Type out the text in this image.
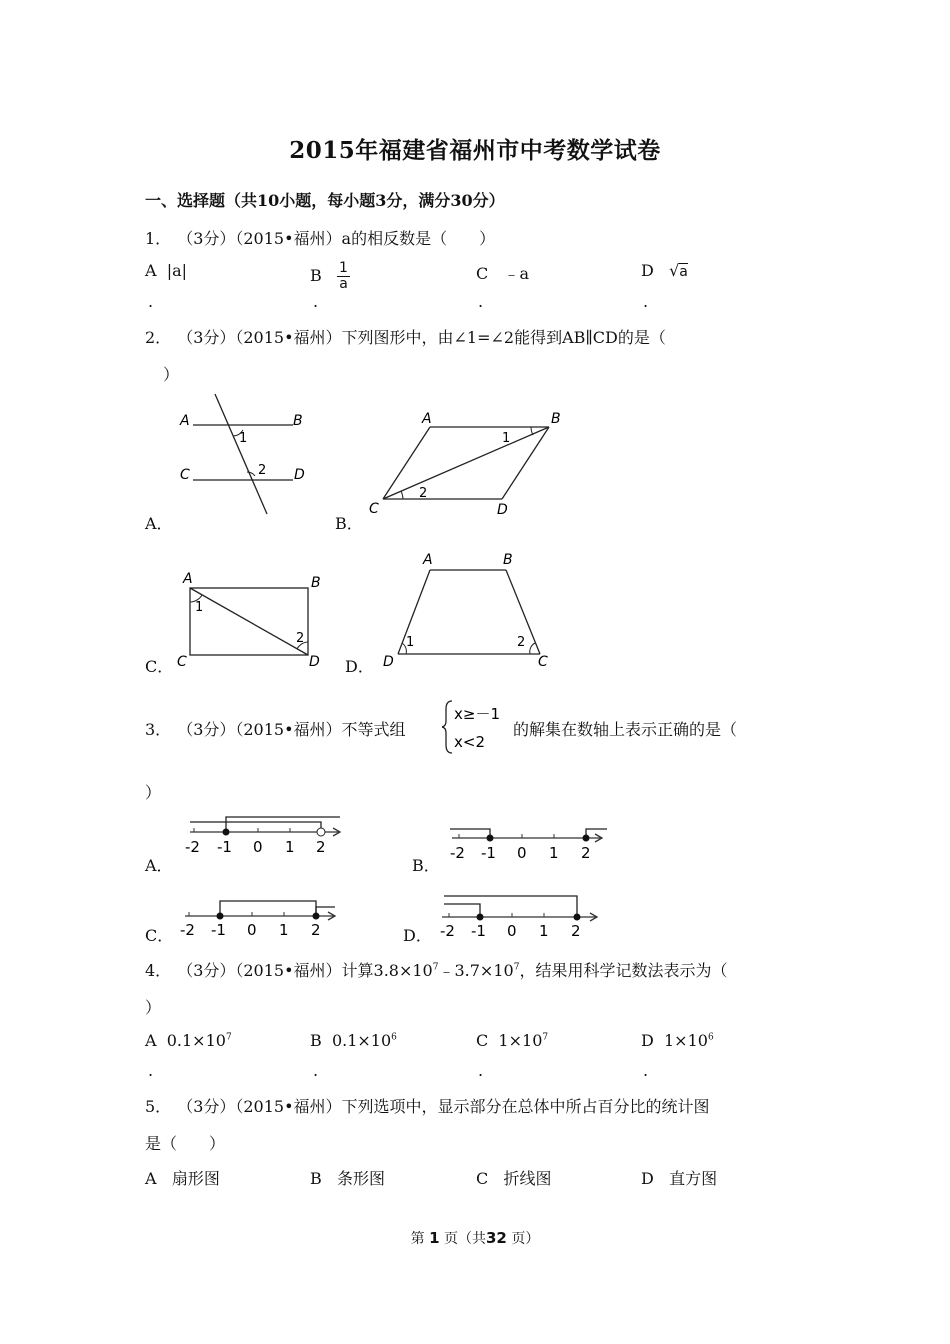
2015年福建省福州市中考数学试卷
一、选择题（共10小题，每小题3分，满分30分）
1． （3分）（2015•福州）a的相反数是（　　）
A |a|	B $\frac{1}{a}$	C ﹣a	D √a
.	.	.	.
2． （3分）（2015•福州）下列图形中，由∠1=∠2能得到AB∥CD的是（
）
A	B
C	D
1
2
A．
A	B
C	D
1
2
B．
A	B
C	D
1
2
C．
A	B
D	C
1	2
D．
3． （3分）（2015•福州）不等式组
x≥－1
x<2
的解集在数轴上表示正确的是（
）
-2 -1 0 1 2
A．
-2 -1 0 1 2
B．
-2 -1 0 1 2
C．	-2 -1 0 1 2
D．
4． （3分）（2015•福州）计算$3.8\times 10^7﹣3.7\times 10^7$，结果用科学记数法表示为（
）
A $0.1\times 10^7$	B $0.1\times 10^6$	C $1\times 10^7$	D $1\times 10^6$
.	.	.	.
5． （3分）（2015•福州）下列选项中，显示部分在总体中所占百分比的统计图
是（　　）
A 扇形图	B 条形图	C 折线图	D 直方图
第 1 页（共32 页）
